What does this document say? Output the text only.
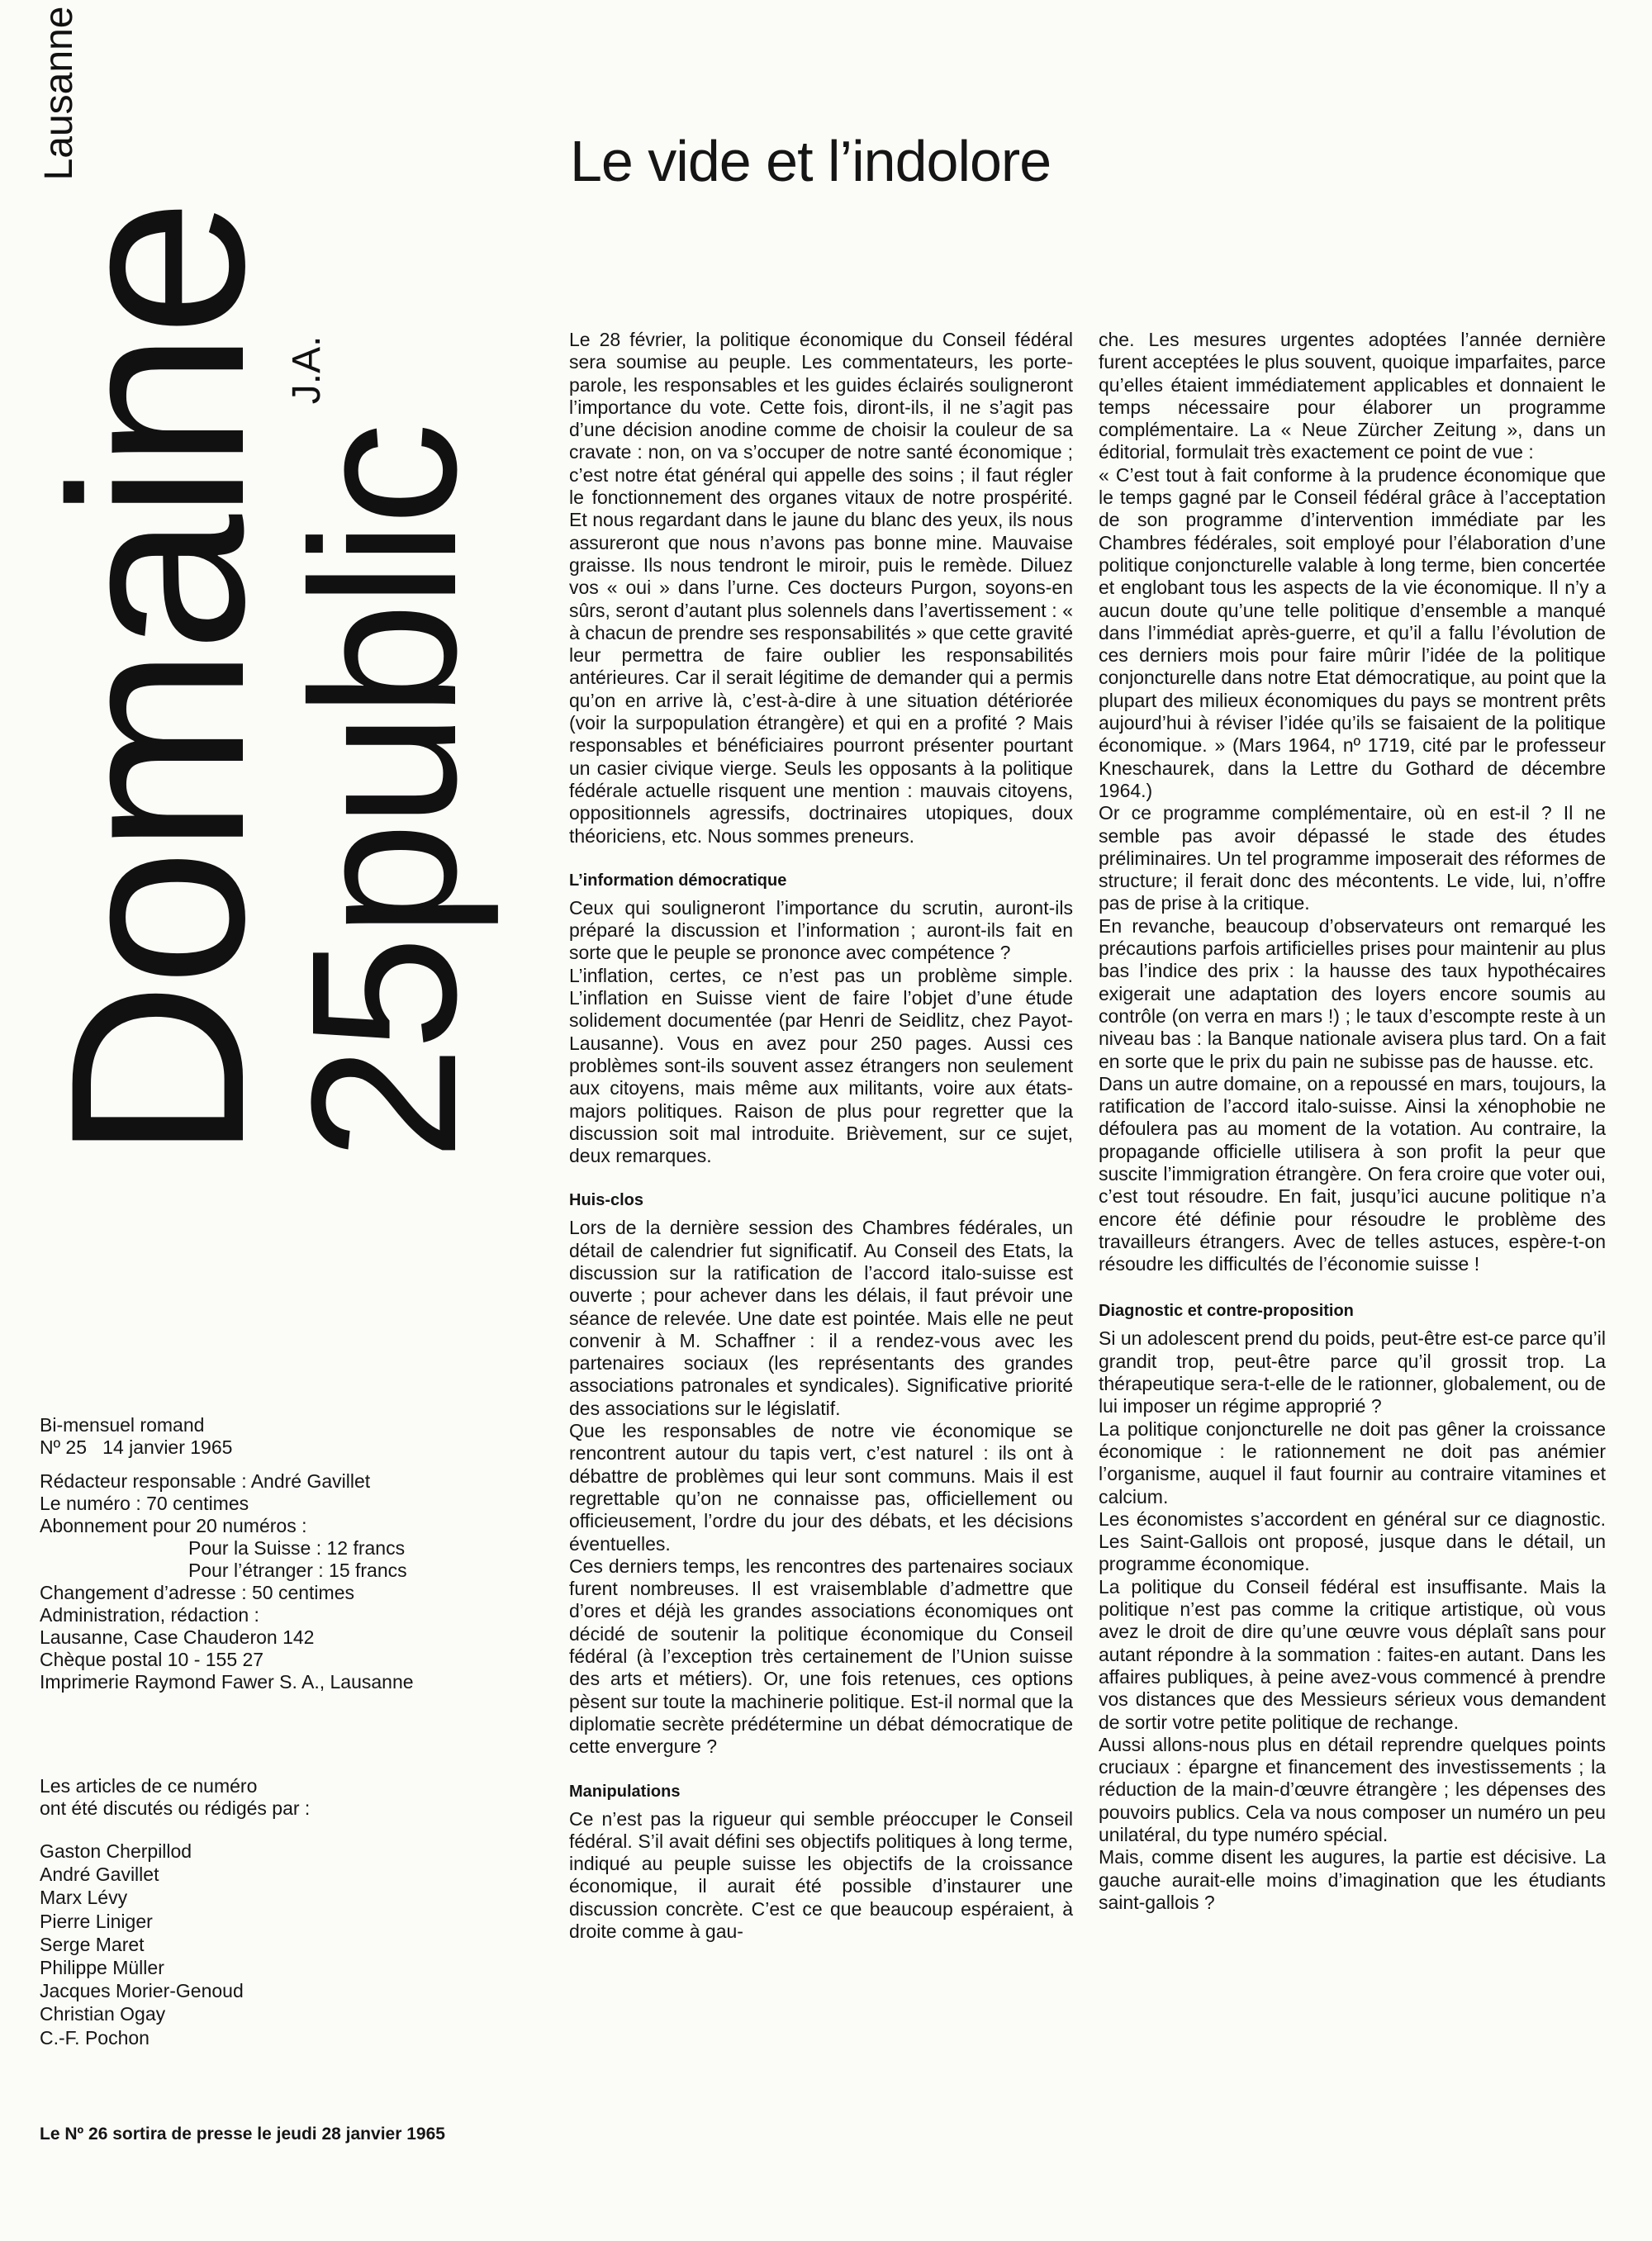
DomaineLausanne
25 publicJ.A.
Le vide et l’indolore

Le 28 février, la politique économique du Conseil fédéral sera soumise au peuple. Les commentateurs, les porte-parole, les responsables et les guides éclairés souligneront l’importance du vote. Cette fois, diront-ils, il ne s’agit pas d’une décision anodine comme de choisir la couleur de sa cravate : non, on va s’occuper de notre santé économique ; c’est notre état général qui appelle des soins ; il faut régler le fonctionnement des organes vitaux de notre prospérité. Et nous regardant dans le jaune du blanc des yeux, ils nous assureront que nous n’avons pas bonne mine. Mauvaise graisse. Ils nous tendront le miroir, puis le remède. Diluez vos « oui » dans l’urne. Ces docteurs Purgon, soyons-en sûrs, seront d’autant plus solennels dans l’avertissement : « à chacun de prendre ses responsabilités » que cette gravité leur permettra de faire oublier les responsabilités antérieures. Car il serait légitime de demander qui a permis qu’on en arrive là, c’est-à-dire à une situation détériorée (voir la surpopulation étrangère) et qui en a profité ? Mais responsables et bénéficiaires pourront présenter pourtant un casier civique vierge. Seuls les opposants à la politique fédérale actuelle risquent une mention : mauvais citoyens, oppositionnels agressifs, doctrinaires utopiques, doux théoriciens, etc. Nous sommes preneurs.

L’information démocratique

Ceux qui souligneront l’importance du scrutin, auront-ils préparé la discussion et l’information ; auront-ils fait en sorte que le peuple se prononce avec compétence ?

L’inflation, certes, ce n’est pas un problème simple. L’inflation en Suisse vient de faire l’objet d’une étude solidement documentée (par Henri de Seidlitz, chez Payot-Lausanne). Vous en avez pour 250 pages. Aussi ces problèmes sont-ils souvent assez étrangers non seulement aux citoyens, mais même aux militants, voire aux états-majors politiques. Raison de plus pour regretter que la discussion soit mal introduite. Brièvement, sur ce sujet, deux remarques.

Huis-clos

Lors de la dernière session des Chambres fédérales, un détail de calendrier fut significatif. Au Conseil des Etats, la discussion sur la ratification de l’accord italo-suisse est ouverte ; pour achever dans les délais, il faut prévoir une séance de relevée. Une date est pointée. Mais elle ne peut convenir à M. Schaffner : il a rendez-vous avec les partenaires sociaux (les représentants des grandes associations patronales et syndicales). Significative priorité des associations sur le législatif.

Que les responsables de notre vie économique se rencontrent autour du tapis vert, c’est naturel : ils ont à débattre de problèmes qui leur sont communs. Mais il est regrettable qu’on ne connaisse pas, officiellement ou officieusement, l’ordre du jour des débats, et les décisions éventuelles.

Ces derniers temps, les rencontres des partenaires sociaux furent nombreuses. Il est vraisemblable d’admettre que d’ores et déjà les grandes associations économiques ont décidé de soutenir la politique économique du Conseil fédéral (à l’exception très certainement de l’Union suisse des arts et métiers). Or, une fois retenues, ces options pèsent sur toute la machinerie politique. Est-il normal que la diplomatie secrète prédétermine un débat démocratique de cette envergure ?

Manipulations

Ce n’est pas la rigueur qui semble préoccuper le Conseil fédéral. S’il avait défini ses objectifs politiques à long terme, indiqué au peuple suisse les objectifs de la croissance économique, il aurait été possible d’instaurer une discussion concrète. C’est ce que beaucoup espéraient, à droite comme à gau-

che. Les mesures urgentes adoptées l’année dernière furent acceptées le plus souvent, quoique imparfaites, parce qu’elles étaient immédiatement applicables et donnaient le temps nécessaire pour élaborer un programme complémentaire. La « Neue Zürcher Zeitung », dans un éditorial, formulait très exactement ce point de vue :

« C’est tout à fait conforme à la prudence économique que le temps gagné par le Conseil fédéral grâce à l’acceptation de son programme d’intervention immédiate par les Chambres fédérales, soit employé pour l’élaboration d’une politique conjoncturelle valable à long terme, bien concertée et englobant tous les aspects de la vie économique. Il n’y a aucun doute qu’une telle politique d’ensemble a manqué dans l’immédiat après-guerre, et qu’il a fallu l’évolution de ces derniers mois pour faire mûrir l’idée de la politique conjoncturelle dans notre Etat démocratique, au point que la plupart des milieux économiques du pays se montrent prêts aujourd’hui à réviser l’idée qu’ils se faisaient de la politique économique. » (Mars 1964, nº 1719, cité par le professeur Kneschaurek, dans la Lettre du Gothard de décembre 1964.)

Or ce programme complémentaire, où en est-il ? Il ne semble pas avoir dépassé le stade des études préliminaires. Un tel programme imposerait des réformes de structure; il ferait donc des mécontents. Le vide, lui, n’offre pas de prise à la critique.

En revanche, beaucoup d’observateurs ont remarqué les précautions parfois artificielles prises pour maintenir au plus bas l’indice des prix : la hausse des taux hypothécaires exigerait une adaptation des loyers encore soumis au contrôle (on verra en mars !) ; le taux d’escompte reste à un niveau bas : la Banque nationale avisera plus tard. On a fait en sorte que le prix du pain ne subisse pas de hausse. etc.

Dans un autre domaine, on a repoussé en mars, toujours, la ratification de l’accord italo-suisse. Ainsi la xénophobie ne défoulera pas au moment de la votation. Au contraire, la propagande officielle utilisera à son profit la peur que suscite l’immigration étrangère. On fera croire que voter oui, c’est tout résoudre. En fait, jusqu’ici aucune politique n’a encore été définie pour résoudre le problème des travailleurs étrangers. Avec de telles astuces, espère-t-on résoudre les difficultés de l’économie suisse !

Diagnostic et contre-proposition

Si un adolescent prend du poids, peut-être est-ce parce qu’il grandit trop, peut-être parce qu’il grossit trop. La thérapeutique sera-t-elle de le rationner, globalement, ou de lui imposer un régime approprié ?

La politique conjoncturelle ne doit pas gêner la croissance économique : le rationnement ne doit pas anémier l’organisme, auquel il faut fournir au contraire vitamines et calcium.

Les économistes s’accordent en général sur ce diagnostic. Les Saint-Gallois ont proposé, jusque dans le détail, un programme économique.

La politique du Conseil fédéral est insuffisante. Mais la politique n’est pas comme la critique artistique, où vous avez le droit de dire qu’une œuvre vous déplaît sans pour autant répondre à la sommation : faites-en autant. Dans les affaires publiques, à peine avez-vous commencé à prendre vos distances que des Messieurs sérieux vous demandent de sortir votre petite politique de rechange.

Aussi allons-nous plus en détail reprendre quelques points cruciaux : épargne et financement des investissements ; la réduction de la main-d’œuvre étrangère ; les dépenses des pouvoirs publics. Cela va nous composer un numéro un peu unilatéral, du type numéro spécial.

Mais, comme disent les augures, la partie est décisive. La gauche aurait-elle moins d’imagination que les étudiants saint-gallois ?

Bi-mensuel romand

Nº 25   14 janvier 1965

Rédacteur responsable : André Gavillet

Le numéro : 70 centimes

Abonnement pour 20 numéros :

Pour la Suisse : 12 francs

Pour l’étranger : 15 francs

Changement d’adresse : 50 centimes

Administration, rédaction :

Lausanne, Case Chauderon 142

Chèque postal 10 - 155 27

Imprimerie Raymond Fawer S. A., Lausanne

Les articles de ce numéro

ont été discutés ou rédigés par :

Gaston Cherpillod
André Gavillet
Marx Lévy
Pierre Liniger
Serge Maret
Philippe Müller
Jacques Morier-Genoud
Christian Ogay
C.-F. Pochon
Le Nº 26 sortira de presse le jeudi 28 janvier 1965
